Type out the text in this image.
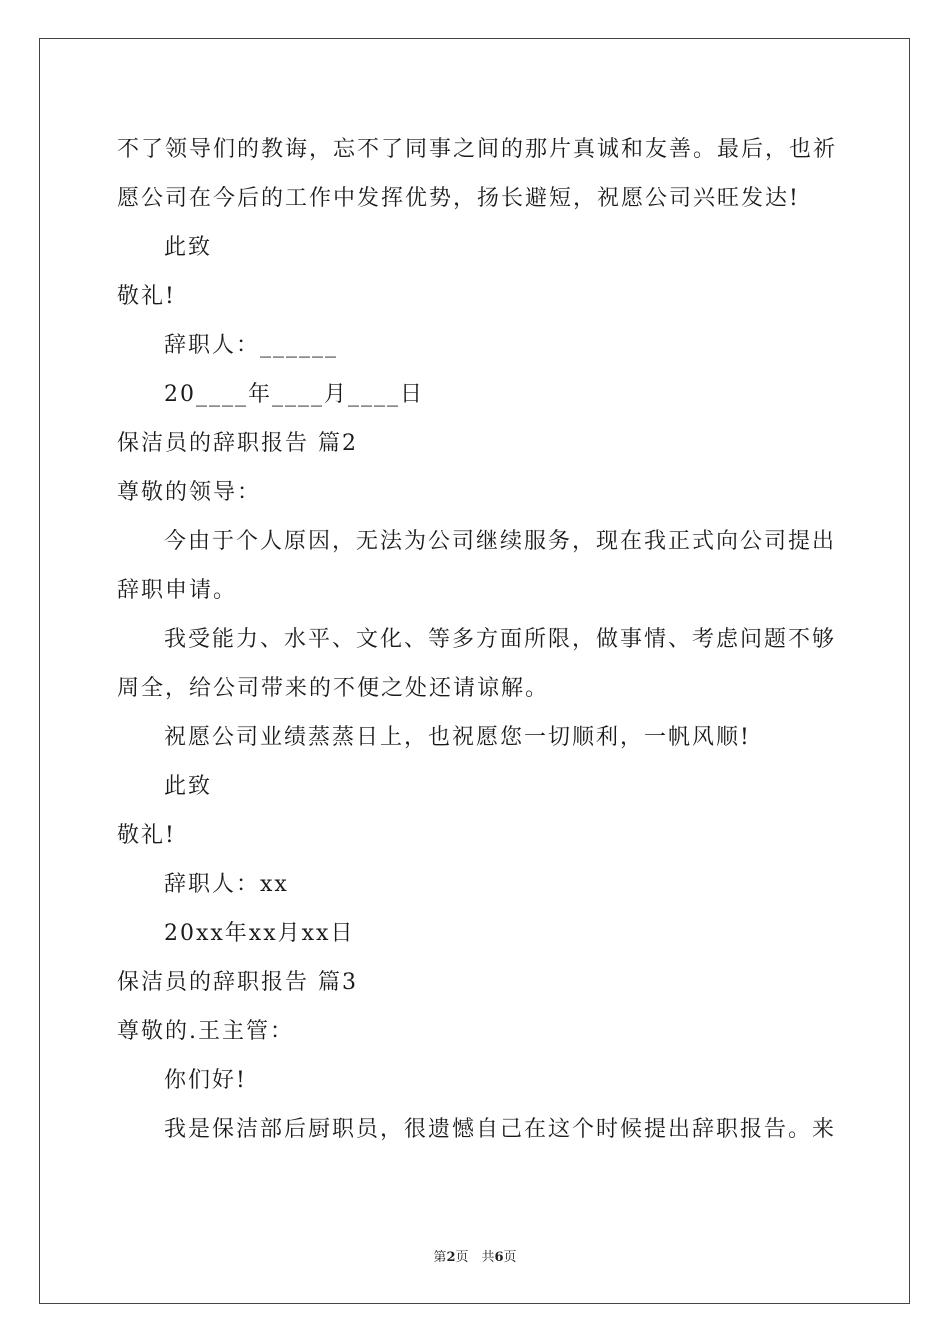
不了领导们的教诲，忘不了同事之间的那片真诚和友善。最后，也祈
愿公司在今后的工作中发挥优势，扬长避短，祝愿公司兴旺发达!
此致
敬礼!
辞职人：______
20____年____月____日
保洁员的辞职报告 篇2
尊敬的领导：
今由于个人原因，无法为公司继续服务，现在我正式向公司提出
辞职申请。
我受能力、水平、文化、等多方面所限，做事情、考虑问题不够
周全，给公司带来的不便之处还请谅解。
祝愿公司业绩蒸蒸日上，也祝愿您一切顺利，一帆风顺!
此致
敬礼!
辞职人：xx
20xx年xx月xx日
保洁员的辞职报告 篇3
尊敬的.王主管：
你们好!
我是保洁部后厨职员，很遗憾自己在这个时候提出辞职报告。来
第2页　共6页
